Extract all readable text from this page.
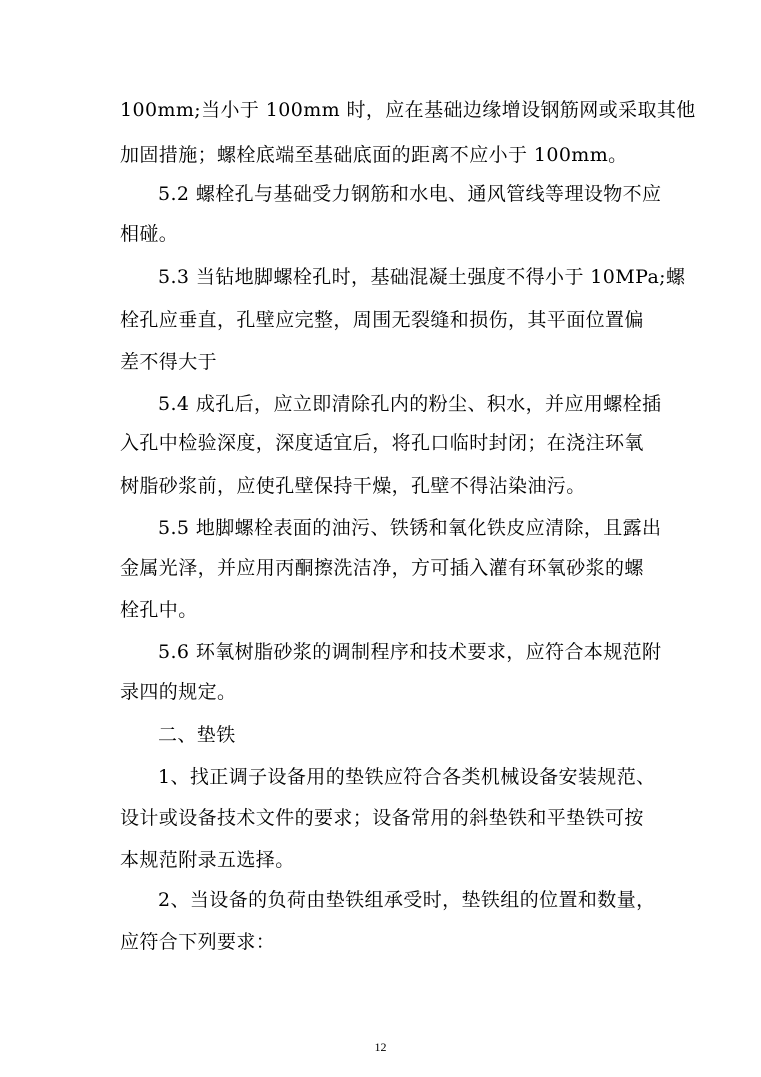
100mm;当小于 100mm 时，应在基础边缘增设钢筋网或采取其他
加固措施；螺栓底端至基础底面的距离不应小于 100mm。
5.2 螺栓孔与基础受力钢筋和水电、通风管线等理设物不应
相碰。
5.3 当钻地脚螺栓孔时，基础混凝土强度不得小于 10MPa;螺
栓孔应垂直，孔壁应完整，周围无裂缝和损伤，其平面位置偏
差不得大于
5.4 成孔后，应立即清除孔内的粉尘、积水，并应用螺栓插
入孔中检验深度，深度适宜后，将孔口临时封闭；在浇注环氧
树脂砂浆前，应使孔壁保持干燥，孔壁不得沾染油污。
5.5 地脚螺栓表面的油污、铁锈和氧化铁皮应清除，且露出
金属光泽，并应用丙酮擦洗洁净，方可插入灌有环氧砂浆的螺
栓孔中。
5.6 环氧树脂砂浆的调制程序和技术要求，应符合本规范附
录四的规定。
二、垫铁
1、找正调子设备用的垫铁应符合各类机械设备安装规范、
设计或设备技术文件的要求；设备常用的斜垫铁和平垫铁可按
本规范附录五选择。
2、当设备的负荷由垫铁组承受时，垫铁组的位置和数量，
应符合下列要求：
12
